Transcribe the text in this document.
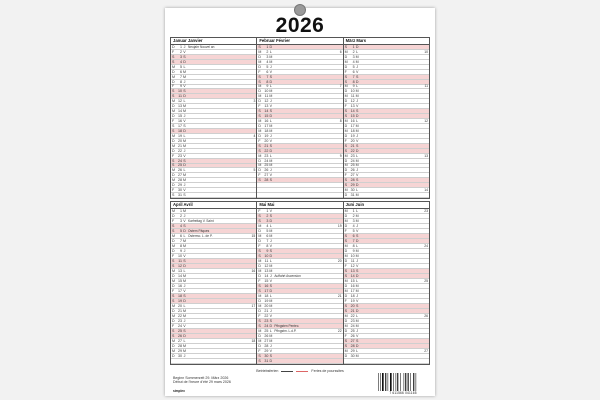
2026
Januar Janvier
D	1 J Neujahr Nouvel an
F	2 V
S	3 S
S	4 D
M	5 L
D	6 M
M	7 M
D	8 J
F	9 V
S 10 S
S	11 D
M 12 L	3
D 13 M
M 14 M
D 15 J
F	16 V
S 17 S
S 18 D
M 19 L	4
D 20 M
M 21 M
D 22 J
F	23 V
S 24 S
S 25 D
M 26 L	5
D 27 M
M 28 M
D 29 J
F	30 V
S 31 S
Februar Février
S	1 D
M	2 L	6
D	3 M
M	4 M
D	5 J
F	6 V
S	7 S
S	8 D
M	9 L	7
D 10 M
M 11 M
D 12 J
F	13 V
S 14 S
S 15 D
M 16 L	8
D 17 M
M 18 M
D 19 J
F	20 V
S 21 S
S 22 D
M 23 L	9
D 24 M
M 25 M
D 26 J
F	27 V
S 28 S
März Mars
S	1 D
M	2 L	10
D	3 M
M	4 M
D	5 J
F	6 V
S	7 S
S	8 D
M	9 L	11
D 10 M
M 11 M
D 12 J
F	13 V
S 14 S
S 15 D
M 16 L	12
D 17 M
M 18 M
D 19 J
F	20 V
S 21 S
S 22 D
M 23 L	13
D 24 M
M 25 M
D 26 J
F	27 V
S 28 S
S 29 D
M 30 L	14
D 31 M
April Avril
M	1 M
D	2 J
F	3 V Karfreitag V. Saint
S	4 S
S	5 D Ostern Pâques
M	6 L Ostermo. L. de P.	15
D	7 M
M	8 M
D	9 J
F	10 V
S	11 S
S 12 D
M 13 L	16
D 14 M
M 15 M
D 16 J
F	17 V
S 18 S
S 19 D
M 20 L	17
D 21 M
M 22 M
D 23 J
F	24 V
S 25 S
S 26 D
M 27 L	18
D 28 M
M 29 M
D 30 J
Mai Mai
F	1 V
S	2 S
S	3 D
M	4 L	19
D	5 M
M	6 M
D	7 J
F	8 V
S	9 S
S 10 D
M 11 L	20
D 12 M
M 13 M
D 14 J Auffahrt Ascension
F	15 V
S 16 S
S 17 D
M 18 L	21
D 19 M
M 20 M
D 21 J
F	22 V
S 23 S
S 24 D Pfingsten Pentec.
M 25 L Pfingstm. L.d.P.	22
D 26 M
M 27 M
D 28 J
F	29 V
S 30 S
S 31 D
Juni Juin
M	1 L	23
D	2 M
M	3 M
D	4 J
F	5 V
S	6 S
S	7 D
M	8 L	24
D	9 M
M 10 M
D	11 J
F	12 V
S 13 S
S 14 D
M 15 L	25
D 16 M
M 17 M
D 18 J
F	19 V
S 20 S
S 21 D
M 22 L	26
D 23 M
M 24 M
D 25 J
F	26 V
S 27 S
S 28 D
M 29 L	27
D 30 M
Betriebsferien	Feries de pourssites
Beginn Sommerzeit 29. März 2026
Début de l'heure d'été 29 mars 2026
simplex	7 611566 041165
